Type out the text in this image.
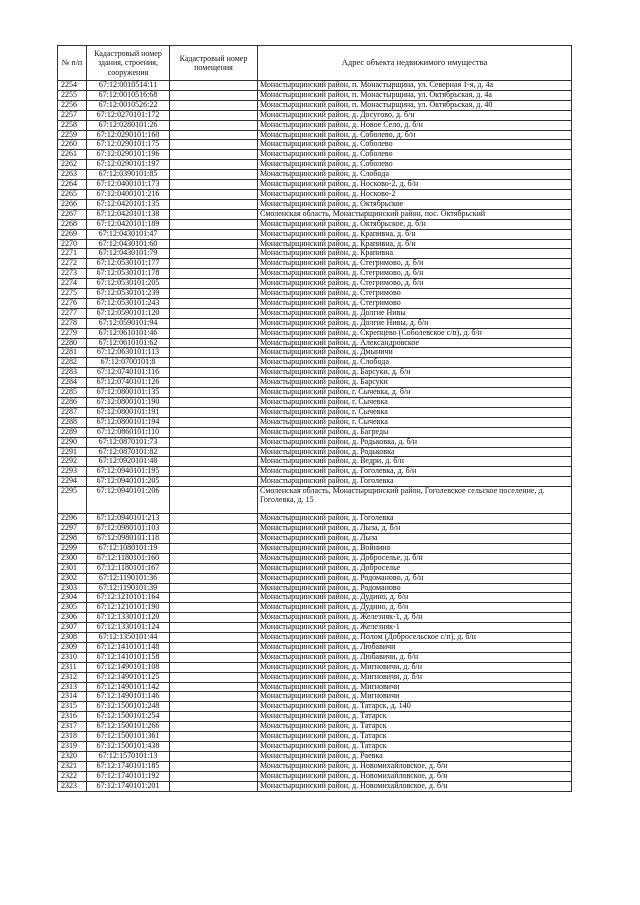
№ п/п	Кадастровый номер здания, строения, сооружения	Кадастровый номер помещения	Адрес объекта недвижимого имущества
2254	67:12:0010514:11		Монастырщинский район, п. Монастырщина, ул. Северная 1-я, д. 4а
2255	67:12:0010516:68		Монастырщинский район, п. Монастырщина, ул. Октябрьская, д. 4а
2256	67:12:0010526:22		Монастырщинский район, п. Монастырщина, ул. Октябрьская, д. 40
2257	67:12:0270101:172		Монастырщинский район, д. Досугово, д. б/н
2258	67:12:0280101:26		Монастырщинский район, д. Новое Село, д. б/н
2259	67:12:0290101:160		Монастырщинский район, д. Соболево, д. б/н
2260	67:12:0290101:175		Монастырщинский район, д. Соболево
2261	67:12:0290101:196		Монастырщинский район, д. Соболево
2262	67:12:0290101:197		Монастырщинский район, д. Соболево
2263	67:12:0390101:85		Монастырщинский район, д. Слобода
2264	67:12:0400101:173		Монастырщинский район, д. Носково-2, д. б/н
2265	67:12:0400101:216		Монастырщинский район, д. Носково-2
2266	67:12:0420101:135		Монастырщинский район, д. Октябрьское
2267	67:12:0420101:138		Смоленская область, Монастырщинский район, пос. Октябрьский
2268	67:12:0420101:189		Монастырщинский район, д. Октябрьское, д. б/н
2269	67:12:0430101:47		Монастырщинский район, д. Крапивна, д. б/н
2270	67:12:0430101:60		Монастырщинский район, д. Крапивна, д. б/н
2271	67:12:0430101:79		Монастырщинский район, д. Крапивна
2272	67:12:0530101:177		Монастырщинский район, д. Стегримово, д. б/н
2273	67:12:0530101:178		Монастырщинский район, д. Стегримово, д. б/н
2274	67:12:0530101:205		Монастырщинский район, д. Стегримово, д. б/н
2275	67:12:0530101:239		Монастырщинский район, д. Стегримово
2276	67:12:0530101:243		Монастырщинский район, д. Стегримово
2277	67:12:0590101:120		Монастырщинский район, д. Долгие Нивы
2278	67:12:0590101:94		Монастырщинский район, д. Долгие Нивы, д. б/н
2279	67:12:0610101:46		Монастырщинский район, д. Скрепцево (Соболевское с/п), д. б/н
2280	67:12:0610101:62		Монастырщинский район, д. Александровское
2281	67:12:0630101:113		Монастырщинский район, д. Дмыничи
2282	67:12:0700101:8		Монастырщинский район, д. Слобода
2283	67:12:0740101:116		Монастырщинский район, д. Барсуки, д. б/н
2284	67:12:0740101:126		Монастырщинский район, д. Барсуки
2285	67:12:0800101:135		Монастырщинский район, г. Сычевка, д. б/н
2286	67:12:0800101:190		Монастырщинский район, г. Сычевка
2287	67:12:0800101:191		Монастырщинский район, г. Сычевка
2288	67:12:0800101:194		Монастырщинский район, г. Сычевка
2289	67:12:0860101:110		Монастырщинский район, д. Багреды
2290	67:12:0870101:73		Монастырщинский район, д. Родьковка, д. б/н
2291	67:12:0870101:82		Монастырщинский район, д. Родьковка
2292	67:12:0920101:48		Монастырщинский район, д. Ведри, д. б/н
2293	67:12:0940101:195		Монастырщинский район, д. Гоголевка, д. б/н
2294	67:12:0940101:205		Монастырщинский район, д. Гоголевка
2295	67:12:0940101:206		Смоленская область, Монастырщинский район, Гоголевское сельское поселение, д. Гоголевка, д. 15
2296	67:12:0940101:213		Монастырщинский район, д. Гоголевка
2297	67:12:0980101:103		Монастырщинский район, д. Лыза, д. б/н
2298	67:12:0980101:118		Монастырщинский район, д. Лыза
2299	67:12:1080101:19		Монастырщинский район, д. Войнино
2300	67:12:1180101:160		Монастырщинский район, д. Доброселье, д. б/н
2301	67:12:1180101:167		Монастырщинский район, д. Доброселье
2302	67:12:1190101:36		Монастырщинский район, д. Родоманово, д. б/н
2303	67:12:1190101:39		Монастырщинский район, д. Родоманово
2304	67:12:1210101:164		Монастырщинский район, д. Дудино, д. б/н
2305	67:12:1210101:190		Монастырщинский район, д. Дудино, д. б/н
2306	67:12:1330101:120		Монастырщинский район, д. Железняк-1, д. б/н
2307	67:12:1330101:124		Монастырщинский район, д. Железняк-1
2308	67:12:1350101:44		Монастырщинский район, д. Полом (Добросельское с/п), д. б/н
2309	67:12:1410101:148		Монастырщинский район, д. Любавичи
2310	67:12:1410101:158		Монастырщинский район, д. Любавичи, д. б/н
2311	67:12:1490101:108		Монастырщинский район, д. Мигновичи, д. б/н
2312	67:12:1490101:125		Монастырщинский район, д. Мигновичи, д. б/н
2313	67:12:1490101:142		Монастырщинский район, д. Мигновичи
2314	67:12:1490101:146		Монастырщинский район, д. Мигновичи
2315	67:12:1500101:248		Монастырщинский район, д. Татарск, д. 140
2316	67:12:1500101:254		Монастырщинский район, д. Татарск
2317	67:12:1500101:266		Монастырщинский район, д. Татарск
2318	67:12:1500101:361		Монастырщинский район, д. Татарск
2319	67:12:1500101:438		Монастырщинский район, д. Татарск
2320	67:12:1570101:13		Монастырщинский район, д. Раевка
2321	67:12:1740101:185		Монастырщинский район, д. Новомихайловское, д. б/н
2322	67:12:1740101:192		Монастырщинский район, д. Новомихайловское, д. б/н
2323	67:12:1740101:201		Монастырщинский район, д. Новомихайловское, д. б/н
